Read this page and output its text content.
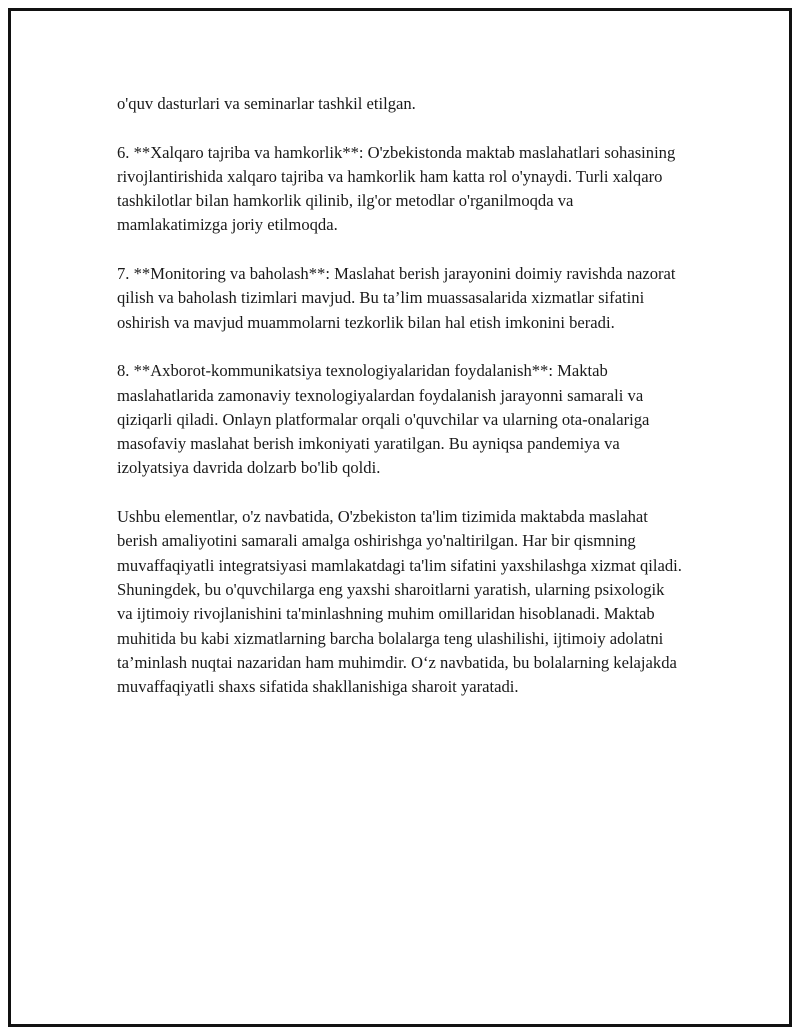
o'quv dasturlari va seminarlar tashkil etilgan.

6. **Xalqaro tajriba va hamkorlik**: O'zbekistonda maktab maslahatlari sohasining rivojlantirishida xalqaro tajriba va hamkorlik ham katta rol o'ynaydi. Turli xalqaro tashkilotlar bilan hamkorlik qilinib, ilg'or metodlar o'rganilmoqda va mamlakatimizga joriy etilmoqda.

7. **Monitoring va baholash**: Maslahat berish jarayonini doimiy ravishda nazorat qilish va baholash tizimlari mavjud. Bu ta’lim muassasalarida xizmatlar sifatini oshirish va mavjud muammolarni tezkorlik bilan hal etish imkonini beradi.

8. **Axborot-kommunikatsiya texnologiyalaridan foydalanish**: Maktab maslahatlarida zamonaviy texnologiyalardan foydalanish jarayonni samarali va qiziqarli qiladi. Onlayn platformalar orqali o'quvchilar va ularning ota-onalariga masofaviy maslahat berish imkoniyati yaratilgan. Bu ayniqsa pandemiya va izolyatsiya davrida dolzarb bo'lib qoldi.

Ushbu elementlar, o'z navbatida, O'zbekiston ta'lim tizimida maktabda maslahat berish amaliyotini samarali amalga oshirishga yo'naltirilgan. Har bir qismning muvaffaqiyatli integratsiyasi mamlakatdagi ta'lim sifatini yaxshilashga xizmat qiladi. Shuningdek, bu o'quvchilarga eng yaxshi sharoitlarni yaratish, ularning psixologik va ijtimoiy rivojlanishini ta'minlashning muhim omillaridan hisoblanadi. Maktab muhitida bu kabi xizmatlarning barcha bolalarga teng ulashilishi, ijtimoiy adolatni ta’minlash nuqtai nazaridan ham muhimdir. O‘z navbatida, bu bolalarning kelajakda muvaffaqiyatli shaxs sifatida shakllanishiga sharoit yaratadi.
